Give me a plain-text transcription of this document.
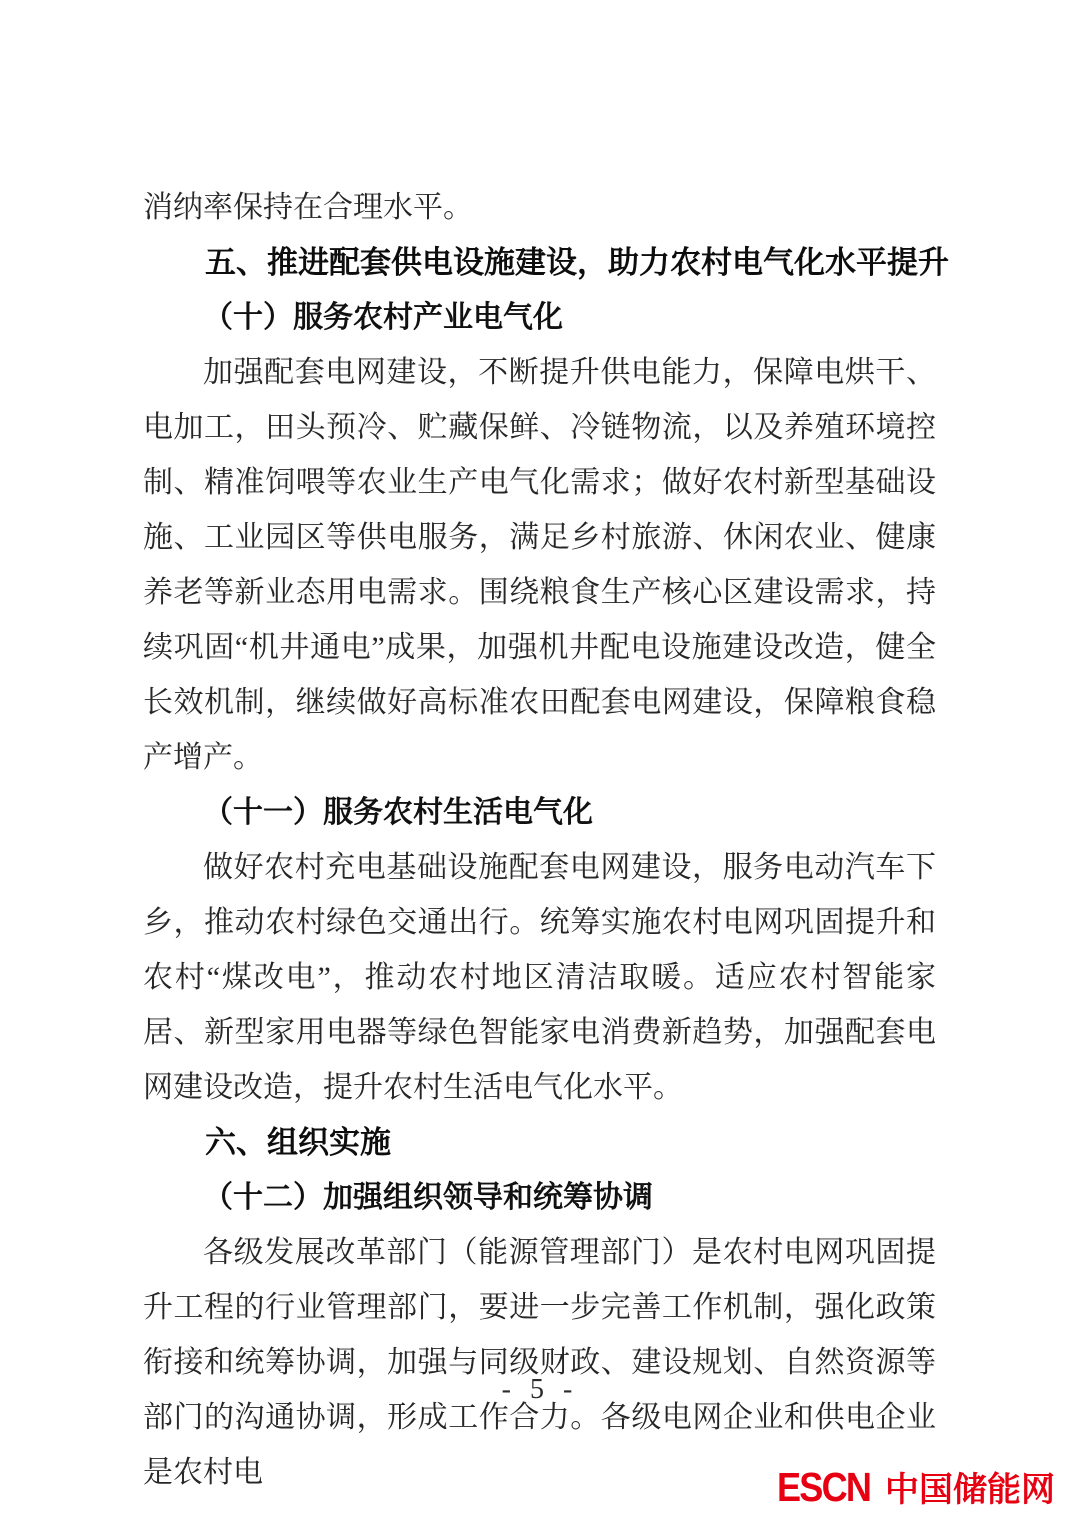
消纳率保持在合理水平。

五、推进配套供电设施建设，助力农村电气化水平提升
（十）服务农村产业电气化

加强配套电网建设，不断提升供电能力，保障电烘干、电加工，田头预冷、贮藏保鲜、冷链物流，以及养殖环境控制、精准饲喂等农业生产电气化需求；做好农村新型基础设施、工业园区等供电服务，满足乡村旅游、休闲农业、健康养老等新业态用电需求。围绕粮食生产核心区建设需求，持续巩固“机井通电”成果，加强机井配电设施建设改造，健全长效机制，继续做好高标准农田配套电网建设，保障粮食稳产增产。

（十一）服务农村生活电气化

做好农村充电基础设施配套电网建设，服务电动汽车下乡，推动农村绿色交通出行。统筹实施农村电网巩固提升和农村“煤改电”，推动农村地区清洁取暖。适应农村智能家居、新型家用电器等绿色智能家电消费新趋势，加强配套电网建设改造，提升农村生活电气化水平。

六、组织实施
（十二）加强组织领导和统筹协调

各级发展改革部门（能源管理部门）是农村电网巩固提升工程的行业管理部门，要进一步完善工作机制，强化政策衔接和统筹协调，加强与同级财政、建设规划、自然资源等部门的沟通协调，形成工作合力。各级电网企业和供电企业是农村电

- 5 -
ESCN 中国储能网
